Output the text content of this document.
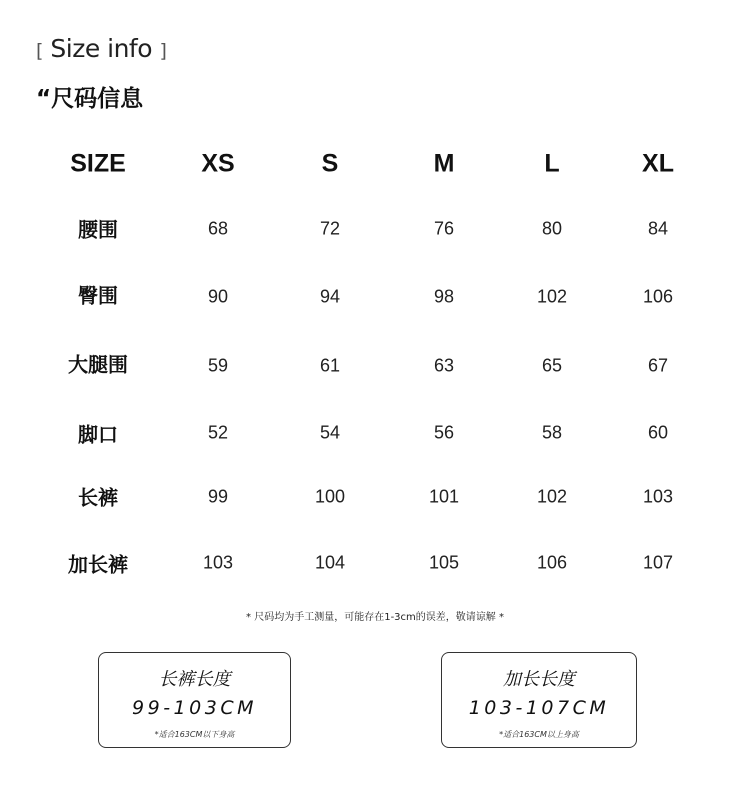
[ Size info ]
“尺码信息
SIZE	XS	S	M	L	XL
腰围	68	72	76	80	84
臀围	90	94	98	102	106
大腿围	59	61	63	65	67
脚口	52	54	56	58	60
长裤	99	100	101	102	103
加长裤	103	104	105	106	107
* 尺码均为手工测量，可能存在1-3cm的误差，敬请谅解 *
长裤长度
99-103CM
*适合163CM以下身高
加长长度
103-107CM
*适合163CM以上身高
